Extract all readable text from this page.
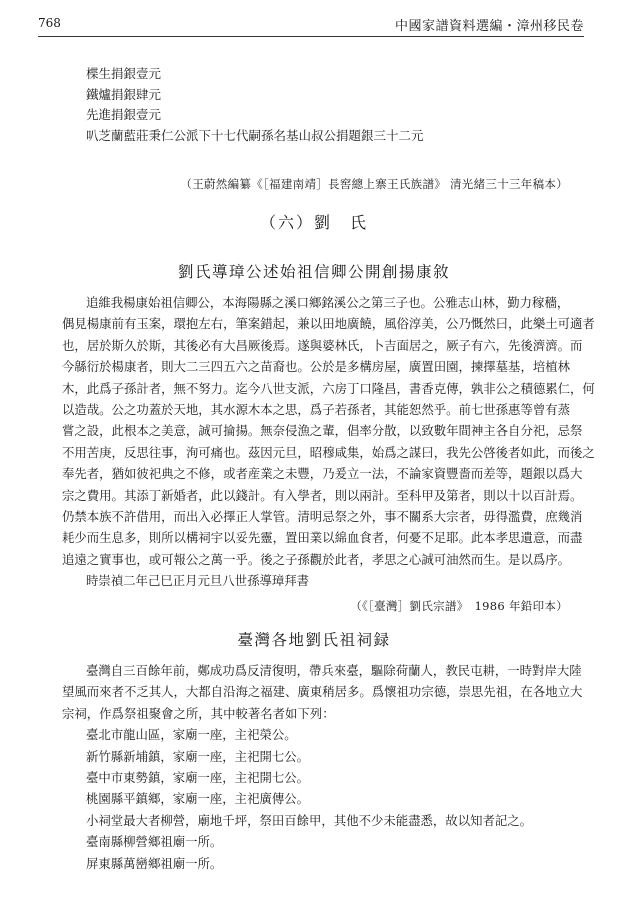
768	中國家譜資料選編・漳州移民卷
楪生捐銀壹元
鐵爐捐銀肆元
先進捐銀壹元
叭芝蘭藍莊秉仁公派下十七代嗣孫名基山叔公捐題銀三十二元
（王蔚然編纂《［福建南靖］長窖總上寨王氏族譜》 清光緒三十三年稿本）
（六）劉　氏
劉氏導璋公述始祖信卿公開創揚康敘
追維我楊康始祖信卿公，本海陽縣之溪口鄉銘溪公之第三子也。公雅志山林，勤力稼穡，
偶見楊康前有玉案，環抱左右，筆案錯起，兼以田地廣饒，風俗淳美，公乃慨然曰，此樂土可適者
也，居於斯久於斯，其後必有大昌厥後焉。遂與婆林氏，卜吉面居之，厥子有六，先後濟濟。而
今緜衍於楊康者，則大二三四五六之苗裔也。公於是多構房屋，廣置田園，揀擇墓基，培植林
木，此爲子孫計者，無不努力。迄今八世支派，六房丁口隆昌，書香克傳，孰非公之積德累仁，何
以造哉。公之功蓋於天地，其水源木本之思，爲子若孫者，其能恕然乎。前七世孫惠等曾有蒸
嘗之設，此根本之美意，誠可掄揚。無奈侵漁之輩，倡率分散，以致數年間神主各自分祀，忌祭
不用苦庚，反思往事，洵可痛也。茲因元旦，昭穆咸集，始爲之謀曰，我先公啓後者如此，而後之
奉先者，猶如彼祀典之不修，或者産業之未豐，乃爰立一法，不論家資豐嗇而差等，題銀以爲大
宗之費用。其添丁新婚者，此以錢計。有入學者，則以兩計。至科甲及第者，則以十以百計焉。
仍禁本族不許借用，而出入必擇正人掌管。清明忌祭之外，事不關系大宗者，毋得濫費，庶幾消
耗少而生息多，則所以構祠宇以妥先靈，置田業以綿血食者，何憂不足耶。此本孝思遺意，而盡
追遠之實事也，或可報公之萬一乎。後之子孫觀於此者，孝思之心誠可油然而生。是以爲序。
時崇禎二年己巳正月元旦八世孫導璋拜書
（《［臺灣］劉氏宗譜》　1986 年鉛印本）
臺灣各地劉氏祖祠録
臺灣自三百餘年前，鄭成功爲反清復明，帶兵來臺，驅除荷蘭人，教民屯耕，一時對岸大陸
望風而來者不乏其人，大都自沿海之福建、廣東稍居多。爲懷祖功宗德，崇思先祖，在各地立大
宗祠，作爲祭祖聚會之所，其中較著名者如下列：
臺北市龍山區，家廟一座，主祀榮公。
新竹縣新埔鎮，家廟一座，主祀開七公。
臺中市東勢鎮，家廟一座，主祀開七公。
桃園縣平鎮鄉，家廟一座，主祀廣傳公。
小祠堂最大者柳營，廟地千坪，祭田百餘甲，其他不少未能盡悉，故以知者記之。
臺南縣柳營鄉祖廟一所。
屏東縣萬巒鄉祖廟一所。
